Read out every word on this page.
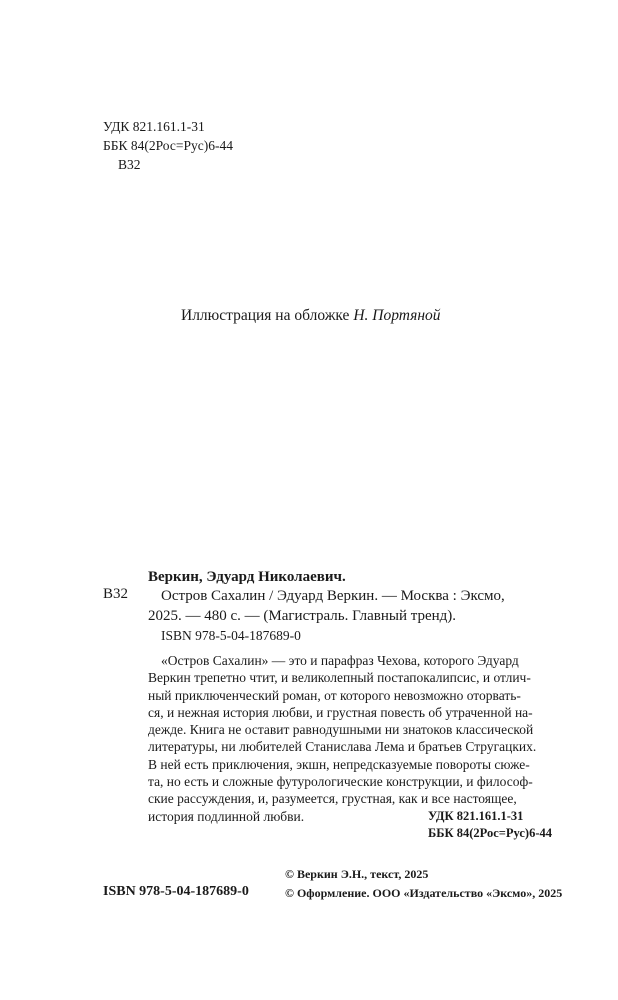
УДК 821.161.1-31
ББК 84(2Рос=Рус)6-44
В32
Иллюстрация на обложке Н. Портяной
Веркин, Эдуард Николаевич.
В32	Остров Сахалин / Эдуард Веркин. — Москва : Эксмо,
2025. — 480 с. — (Магистраль. Главный тренд).
ISBN 978-5-04-187689-0
«Остров Сахалин» — это и парафраз Чехова, которого Эдуард
Веркин трепетно чтит, и великолепный постапокалипсис, и отлич-
ный приключенческий роман, от которого невозможно оторвать-
ся, и нежная история любви, и грустная повесть об утраченной на-
дежде. Книга не оставит равнодушными ни знатоков классической
литературы, ни любителей Станислава Лема и братьев Стругацких.
В ней есть приключения, экшн, непредсказуемые повороты сюже-
та, но есть и сложные футурологические конструкции, и философ-
ские рассуждения, и, разумеется, грустная, как и все настоящее,
история подлинной любви.	УДК 821.161.1-31
ББК 84(2Рос=Рус)6-44
ISBN 978-5-04-187689-0
© Веркин Э.Н., текст, 2025
© Оформление. ООО «Издательство «Эксмо», 2025
